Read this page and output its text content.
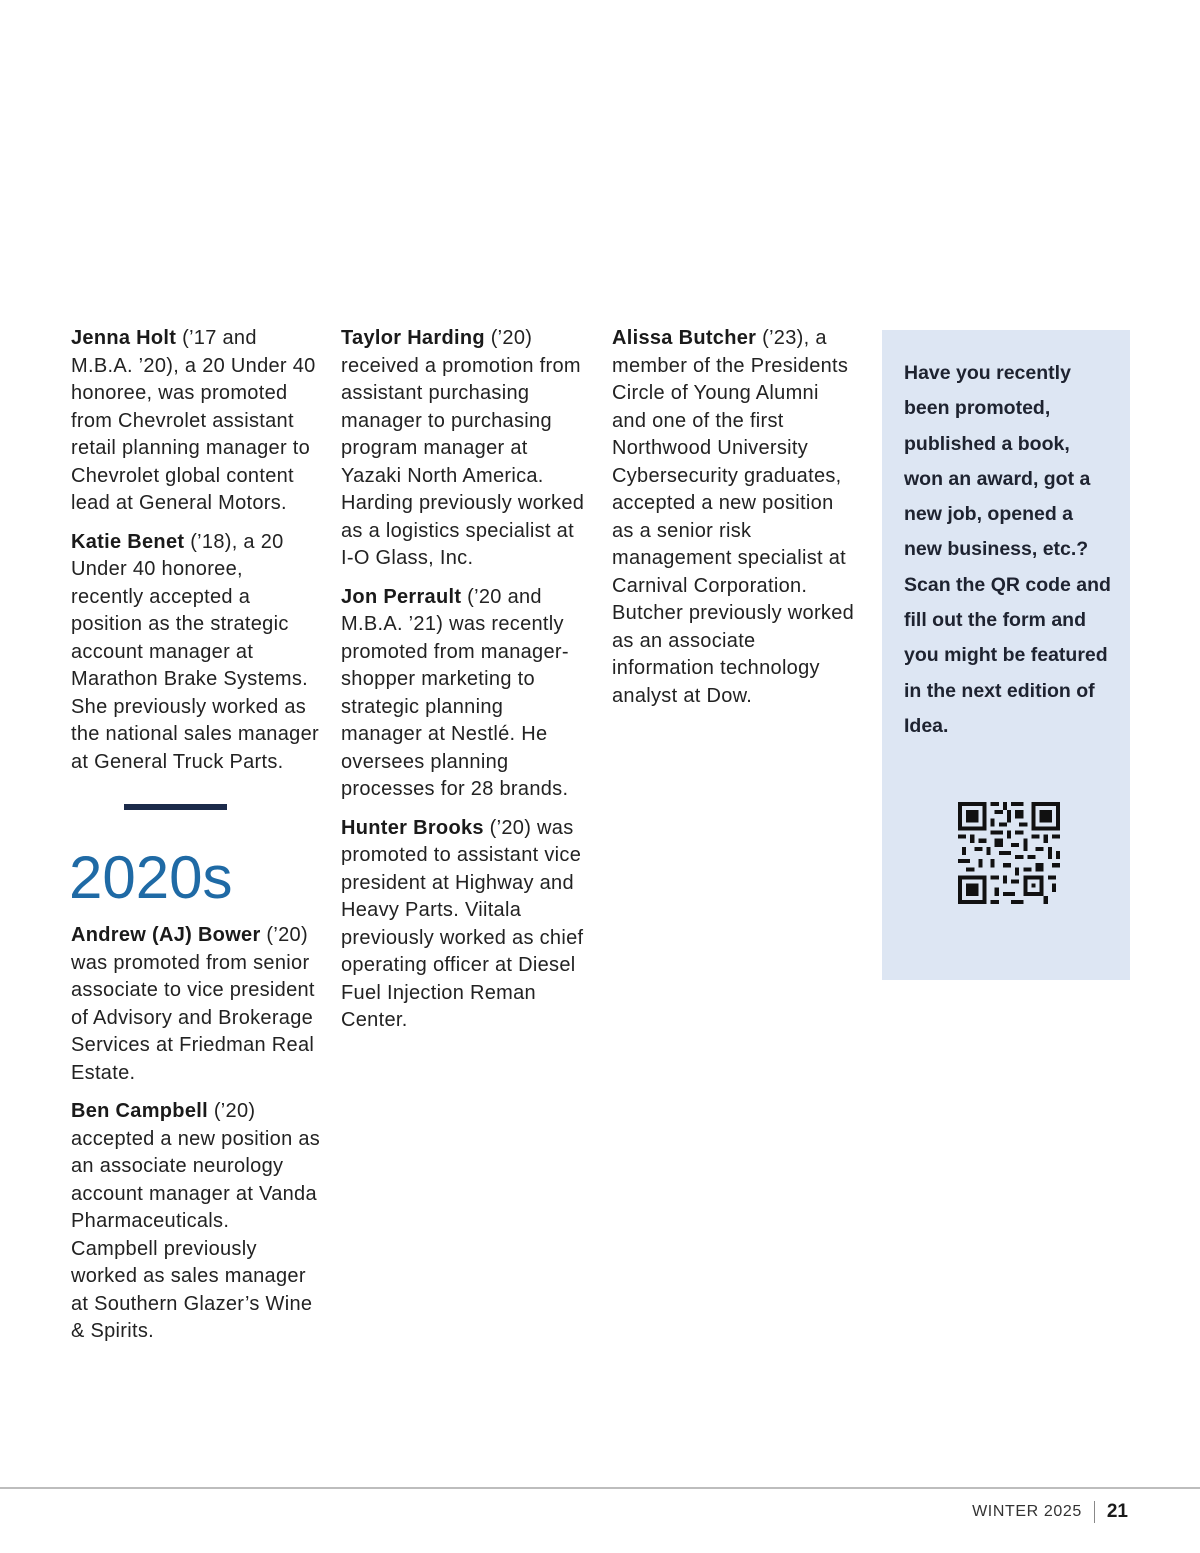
Jenna Holt (’17 and M.B.A. ’20), a 20 Under 40 honoree, was promoted from Chevrolet assistant retail planning manager to Chevrolet global content lead at General Motors.

Katie Benet (’18), a 20 Under 40 honoree, recently accepted a position as the strategic account manager at Marathon Brake Systems. She previously worked as the national sales manager at General Truck Parts.

2020s

Andrew (AJ) Bower (’20) was promoted from senior associate to vice president of Advisory and Brokerage Services at Friedman Real Estate.

Ben Campbell (’20) accepted a new position as an associate neurology account manager at Vanda Pharmaceuticals. Campbell previously worked as sales manager at Southern Glazer’s Wine & Spirits.

Taylor Harding (’20) received a promotion from assistant purchasing manager to purchasing program manager at Yazaki North America. Harding previously worked as a logistics specialist at I-O Glass, Inc.

Jon Perrault (’20 and M.B.A. ’21) was recently promoted from manager-shopper marketing to strategic planning manager at Nestlé. He oversees planning processes for 28 brands.

Hunter Brooks (’20) was promoted to assistant vice president at Highway and Heavy Parts. Viitala previously worked as chief operating officer at Diesel Fuel Injection Reman Center.

Alissa Butcher (’23), a member of the Presidents Circle of Young Alumni and one of the first Northwood University Cybersecurity graduates, accepted a new position as a senior risk management specialist at Carnival Corporation. Butcher previously worked as an associate information technology analyst at Dow.

Have you recently been promoted, published a book, won an award, got a new job, opened a new business, etc.? Scan the QR code and fill out the form and you might be featured in the next edition of Idea.
WINTER 2025 21
